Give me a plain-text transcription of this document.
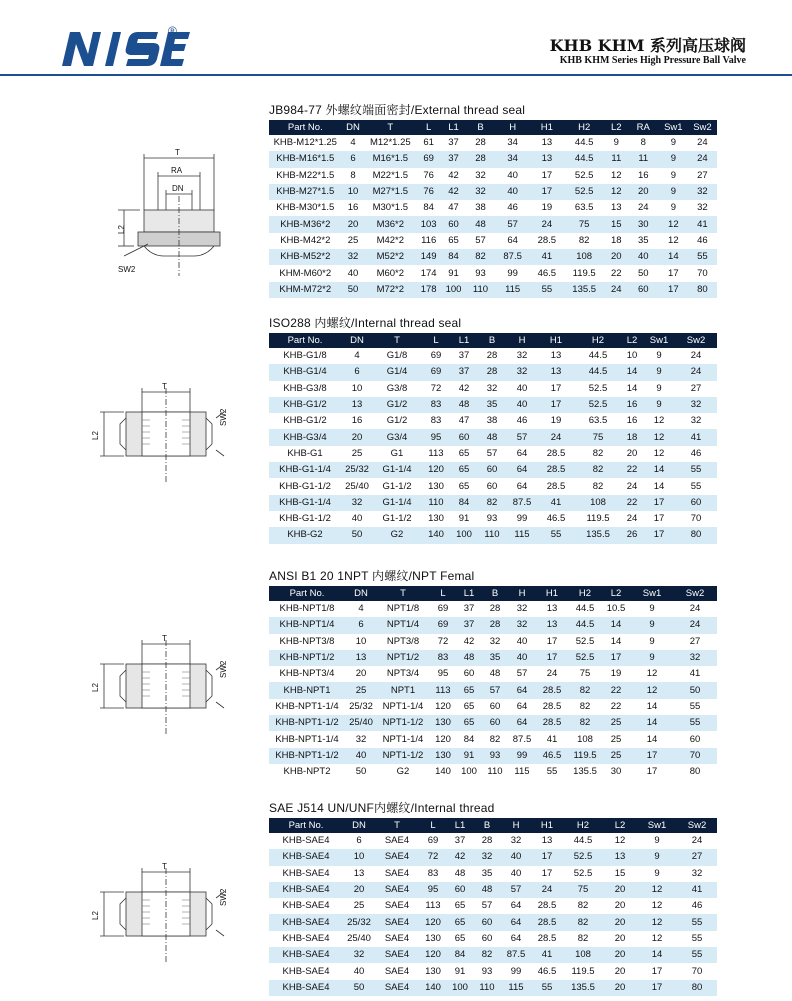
NSE	®
KHB KHM 系列高压球阀
KHB KHM Series High Pressure Ball Valve
T
RA
DN
L2
SW2
T
L2
SW2
T
L2
SW2
T
L2
SW2
JB984-77 外螺纹端面密封/External thread seal
Part No.	DN	T	L	L1	B	H	H1	H2	L2	RA	Sw1	Sw2
KHB-M12*1.25	4	M12*1.25	61	37	28	34	13	44.5	9	8	9	24
KHB-M16*1.5	6	M16*1.5	69	37	28	34	13	44.5	11	11	9	24
KHB-M22*1.5	8	M22*1.5	76	42	32	40	17	52.5	12	16	9	27
KHB-M27*1.5	10	M27*1.5	76	42	32	40	17	52.5	12	20	9	32
KHB-M30*1.5	16	M30*1.5	84	47	38	46	19	63.5	13	24	9	32
KHB-M36*2	20	M36*2	103	60	48	57	24	75	15	30	12	41
KHB-M42*2	25	M42*2	116	65	57	64	28.5	82	18	35	12	46
KHB-M52*2	32	M52*2	149	84	82	87.5	41	108	20	40	14	55
KHM-M60*2	40	M60*2	174	91	93	99	46.5	119.5	22	50	17	70
KHM-M72*2	50	M72*2	178	100	110	115	55	135.5	24	60	17	80
ISO288 内螺纹/Internal thread seal
Part No.	DN	T	L	L1	B	H	H1	H2	L2	Sw1	Sw2
KHB-G1/8	4	G1/8	69	37	28	32	13	44.5	10	9	24
KHB-G1/4	6	G1/4	69	37	28	32	13	44.5	14	9	24
KHB-G3/8	10	G3/8	72	42	32	40	17	52.5	14	9	27
KHB-G1/2	13	G1/2	83	48	35	40	17	52.5	16	9	32
KHB-G1/2	16	G1/2	83	47	38	46	19	63.5	16	12	32
KHB-G3/4	20	G3/4	95	60	48	57	24	75	18	12	41
KHB-G1	25	G1	113	65	57	64	28.5	82	20	12	46
KHB-G1-1/4	25/32	G1-1/4	120	65	60	64	28.5	82	22	14	55
KHB-G1-1/2	25/40	G1-1/2	130	65	60	64	28.5	82	24	14	55
KHB-G1-1/4	32	G1-1/4	110	84	82	87.5	41	108	22	17	60
KHB-G1-1/2	40	G1-1/2	130	91	93	99	46.5	119.5	24	17	70
KHB-G2	50	G2	140	100	110	115	55	135.5	26	17	80
ANSI B1 20 1NPT 内螺纹/NPT Femal
Part No.	DN	T	L	L1	B	H	H1	H2	L2	Sw1	Sw2
KHB-NPT1/8	4	NPT1/8	69	37	28	32	13	44.5	10.5	9	24
KHB-NPT1/4	6	NPT1/4	69	37	28	32	13	44.5	14	9	24
KHB-NPT3/8	10	NPT3/8	72	42	32	40	17	52.5	14	9	27
KHB-NPT1/2	13	NPT1/2	83	48	35	40	17	52.5	17	9	32
KHB-NPT3/4	20	NPT3/4	95	60	48	57	24	75	19	12	41
KHB-NPT1	25	NPT1	113	65	57	64	28.5	82	22	12	50
KHB-NPT1-1/4	25/32	NPT1-1/4	120	65	60	64	28.5	82	22	14	55
KHB-NPT1-1/2	25/40	NPT1-1/2	130	65	60	64	28.5	82	25	14	55
KHB-NPT1-1/4	32	NPT1-1/4	120	84	82	87.5	41	108	25	14	60
KHB-NPT1-1/2	40	NPT1-1/2	130	91	93	99	46.5	119.5	25	17	70
KHB-NPT2	50	G2	140	100	110	115	55	135.5	30	17	80
SAE J514 UN/UNF内螺纹/Internal thread
Part No.	DN	T	L	L1	B	H	H1	H2	L2	Sw1	Sw2
KHB-SAE4	6	SAE4	69	37	28	32	13	44.5	12	9	24
KHB-SAE4	10	SAE4	72	42	32	40	17	52.5	13	9	27
KHB-SAE4	13	SAE4	83	48	35	40	17	52.5	15	9	32
KHB-SAE4	20	SAE4	95	60	48	57	24	75	20	12	41
KHB-SAE4	25	SAE4	113	65	57	64	28.5	82	20	12	46
KHB-SAE4	25/32	SAE4	120	65	60	64	28.5	82	20	12	55
KHB-SAE4	25/40	SAE4	130	65	60	64	28.5	82	20	12	55
KHB-SAE4	32	SAE4	120	84	82	87.5	41	108	20	14	55
KHB-SAE4	40	SAE4	130	91	93	99	46.5	119.5	20	17	70
KHB-SAE4	50	SAE4	140	100	110	115	55	135.5	20	17	80
